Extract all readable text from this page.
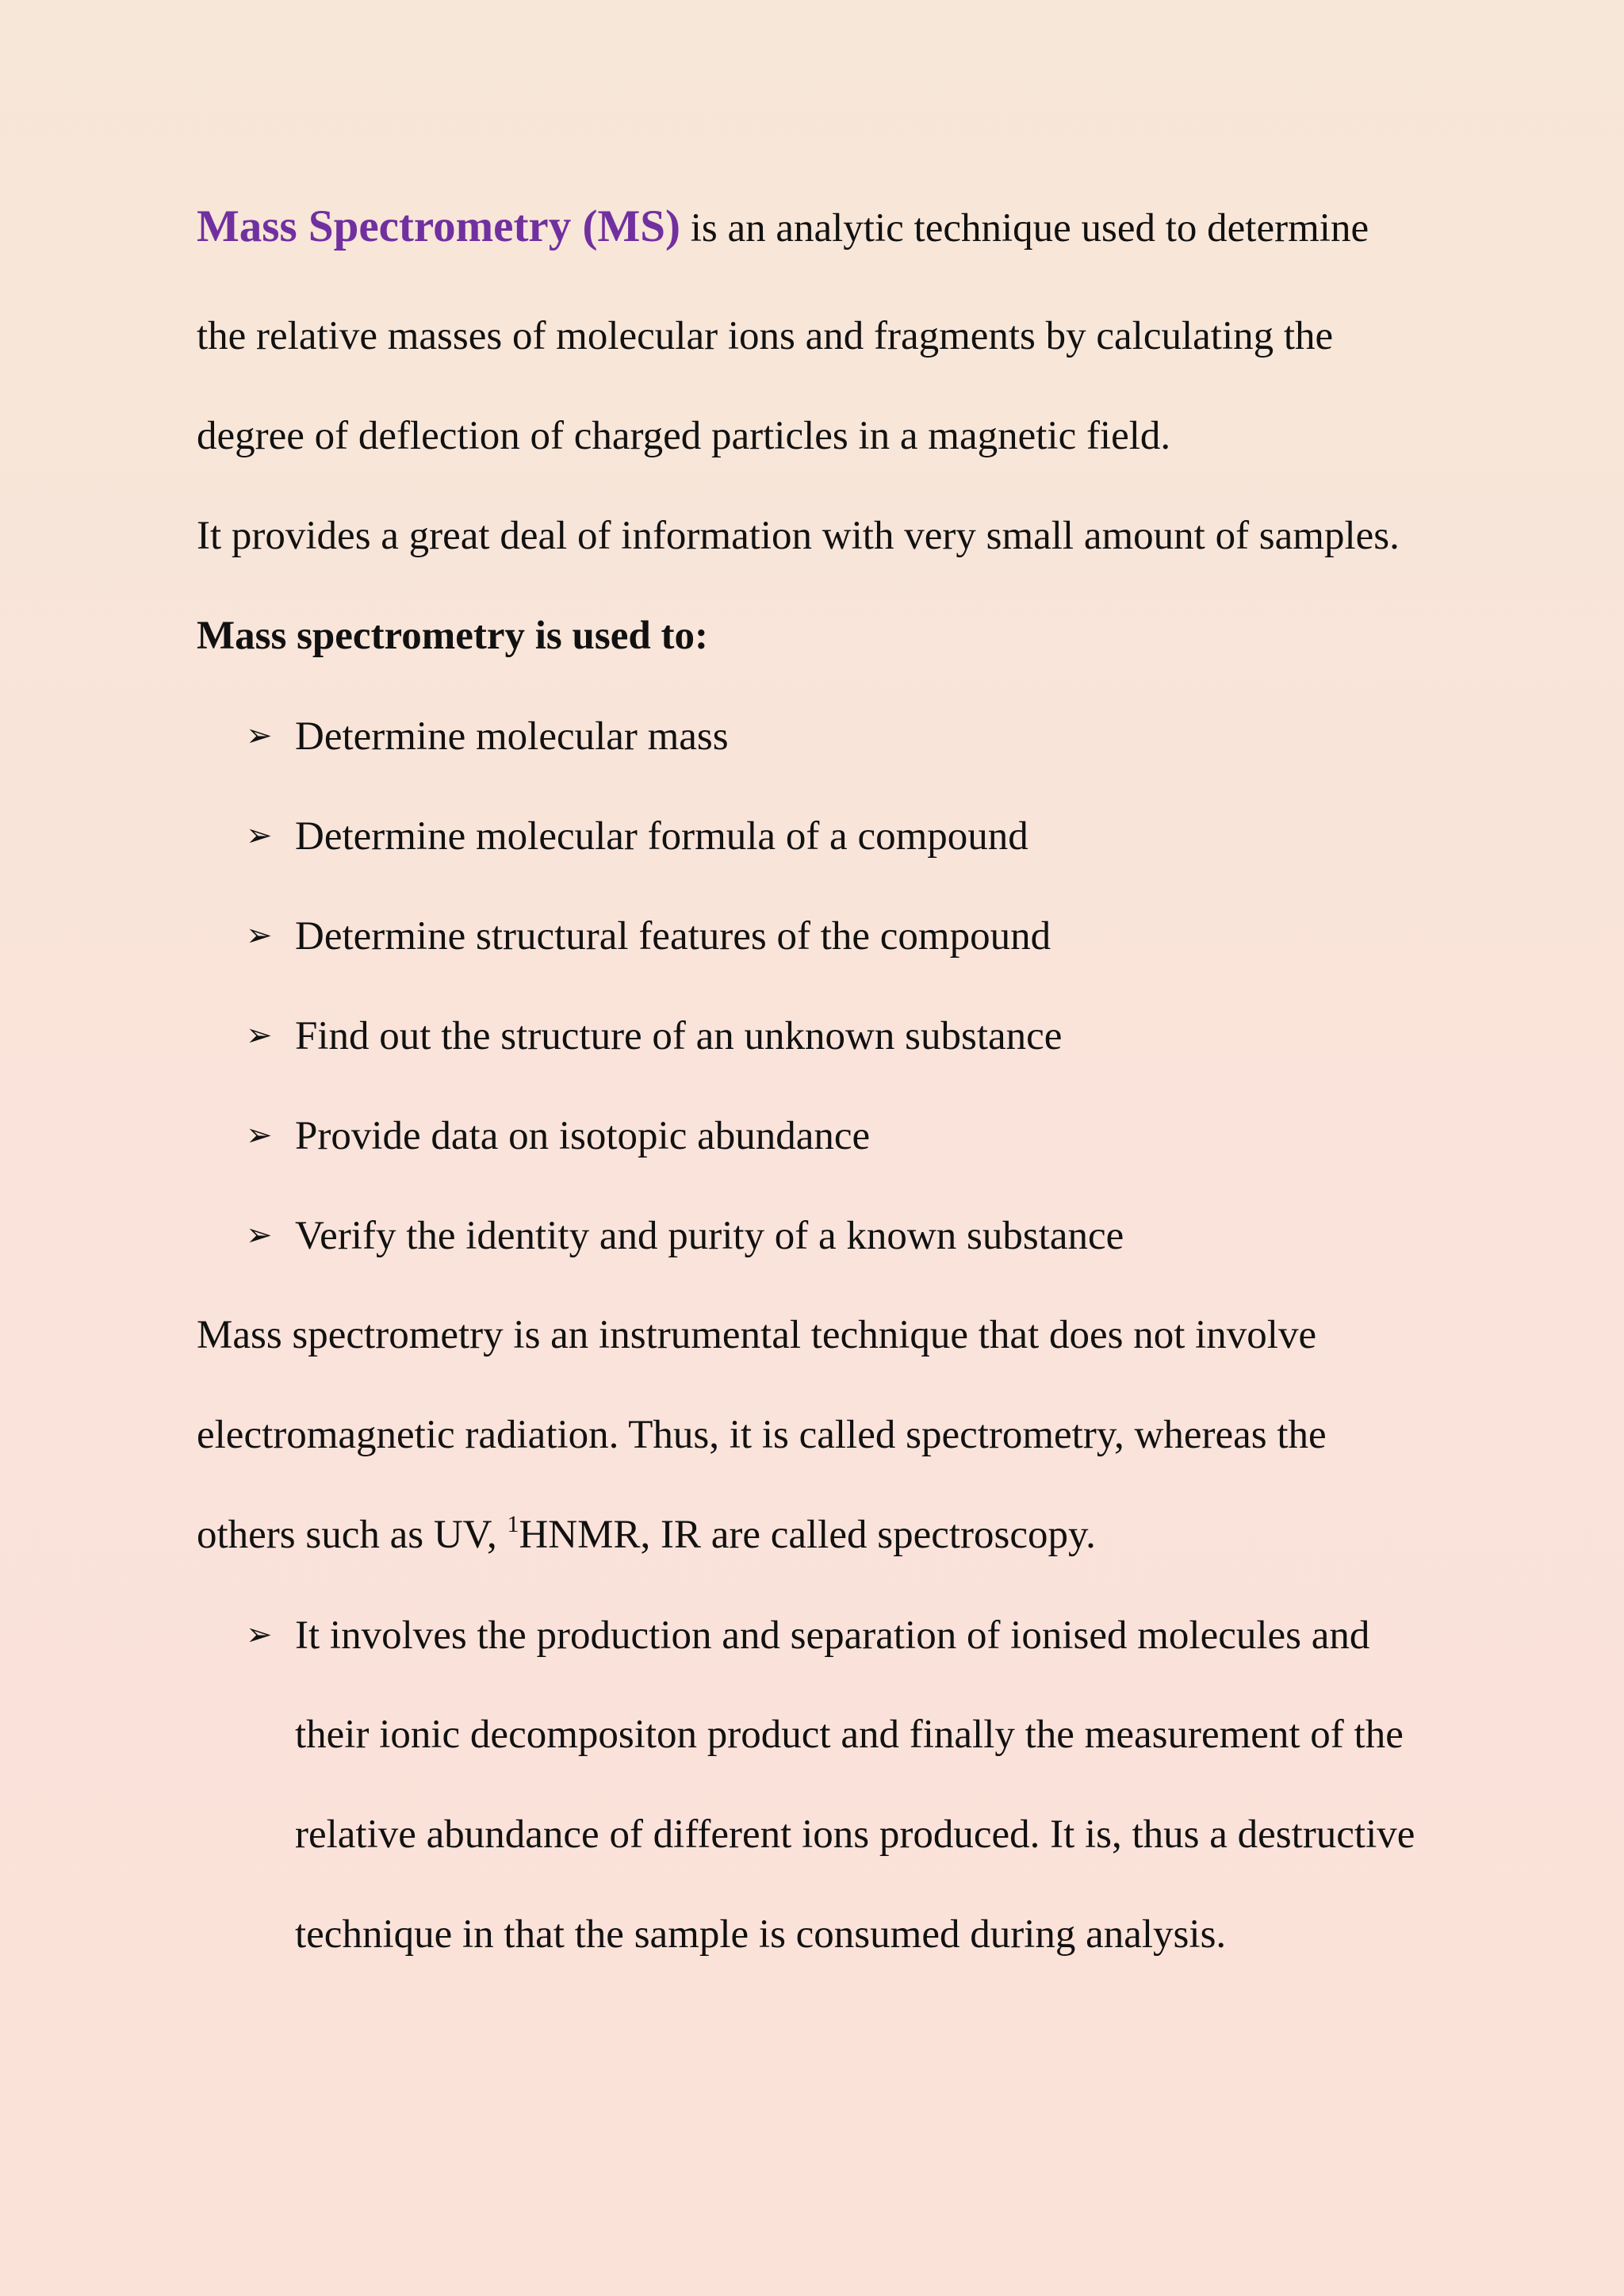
Mass Spectrometry (MS) is an analytic technique used to determine
the relative masses of molecular ions and fragments by calculating the
degree of deflection of charged particles in a magnetic field.
It provides a great deal of information with very small amount of samples.
Mass spectrometry is used to:
➢ Determine molecular mass
➢ Determine molecular formula of a compound
➢ Determine structural features of the compound
➢ Find out the structure of an unknown substance
➢ Provide data on isotopic abundance
➢ Verify the identity and purity of a known substance
Mass spectrometry is an instrumental technique that does not involve
electromagnetic radiation. Thus, it is called spectrometry, whereas the
others such as UV, $^1$HNMR, IR are called spectroscopy.
➢ It involves the production and separation of ionised molecules and
their ionic decompositon product and finally the measurement of the
relative abundance of different ions produced. It is, thus a destructive
technique in that the sample is consumed during analysis.
